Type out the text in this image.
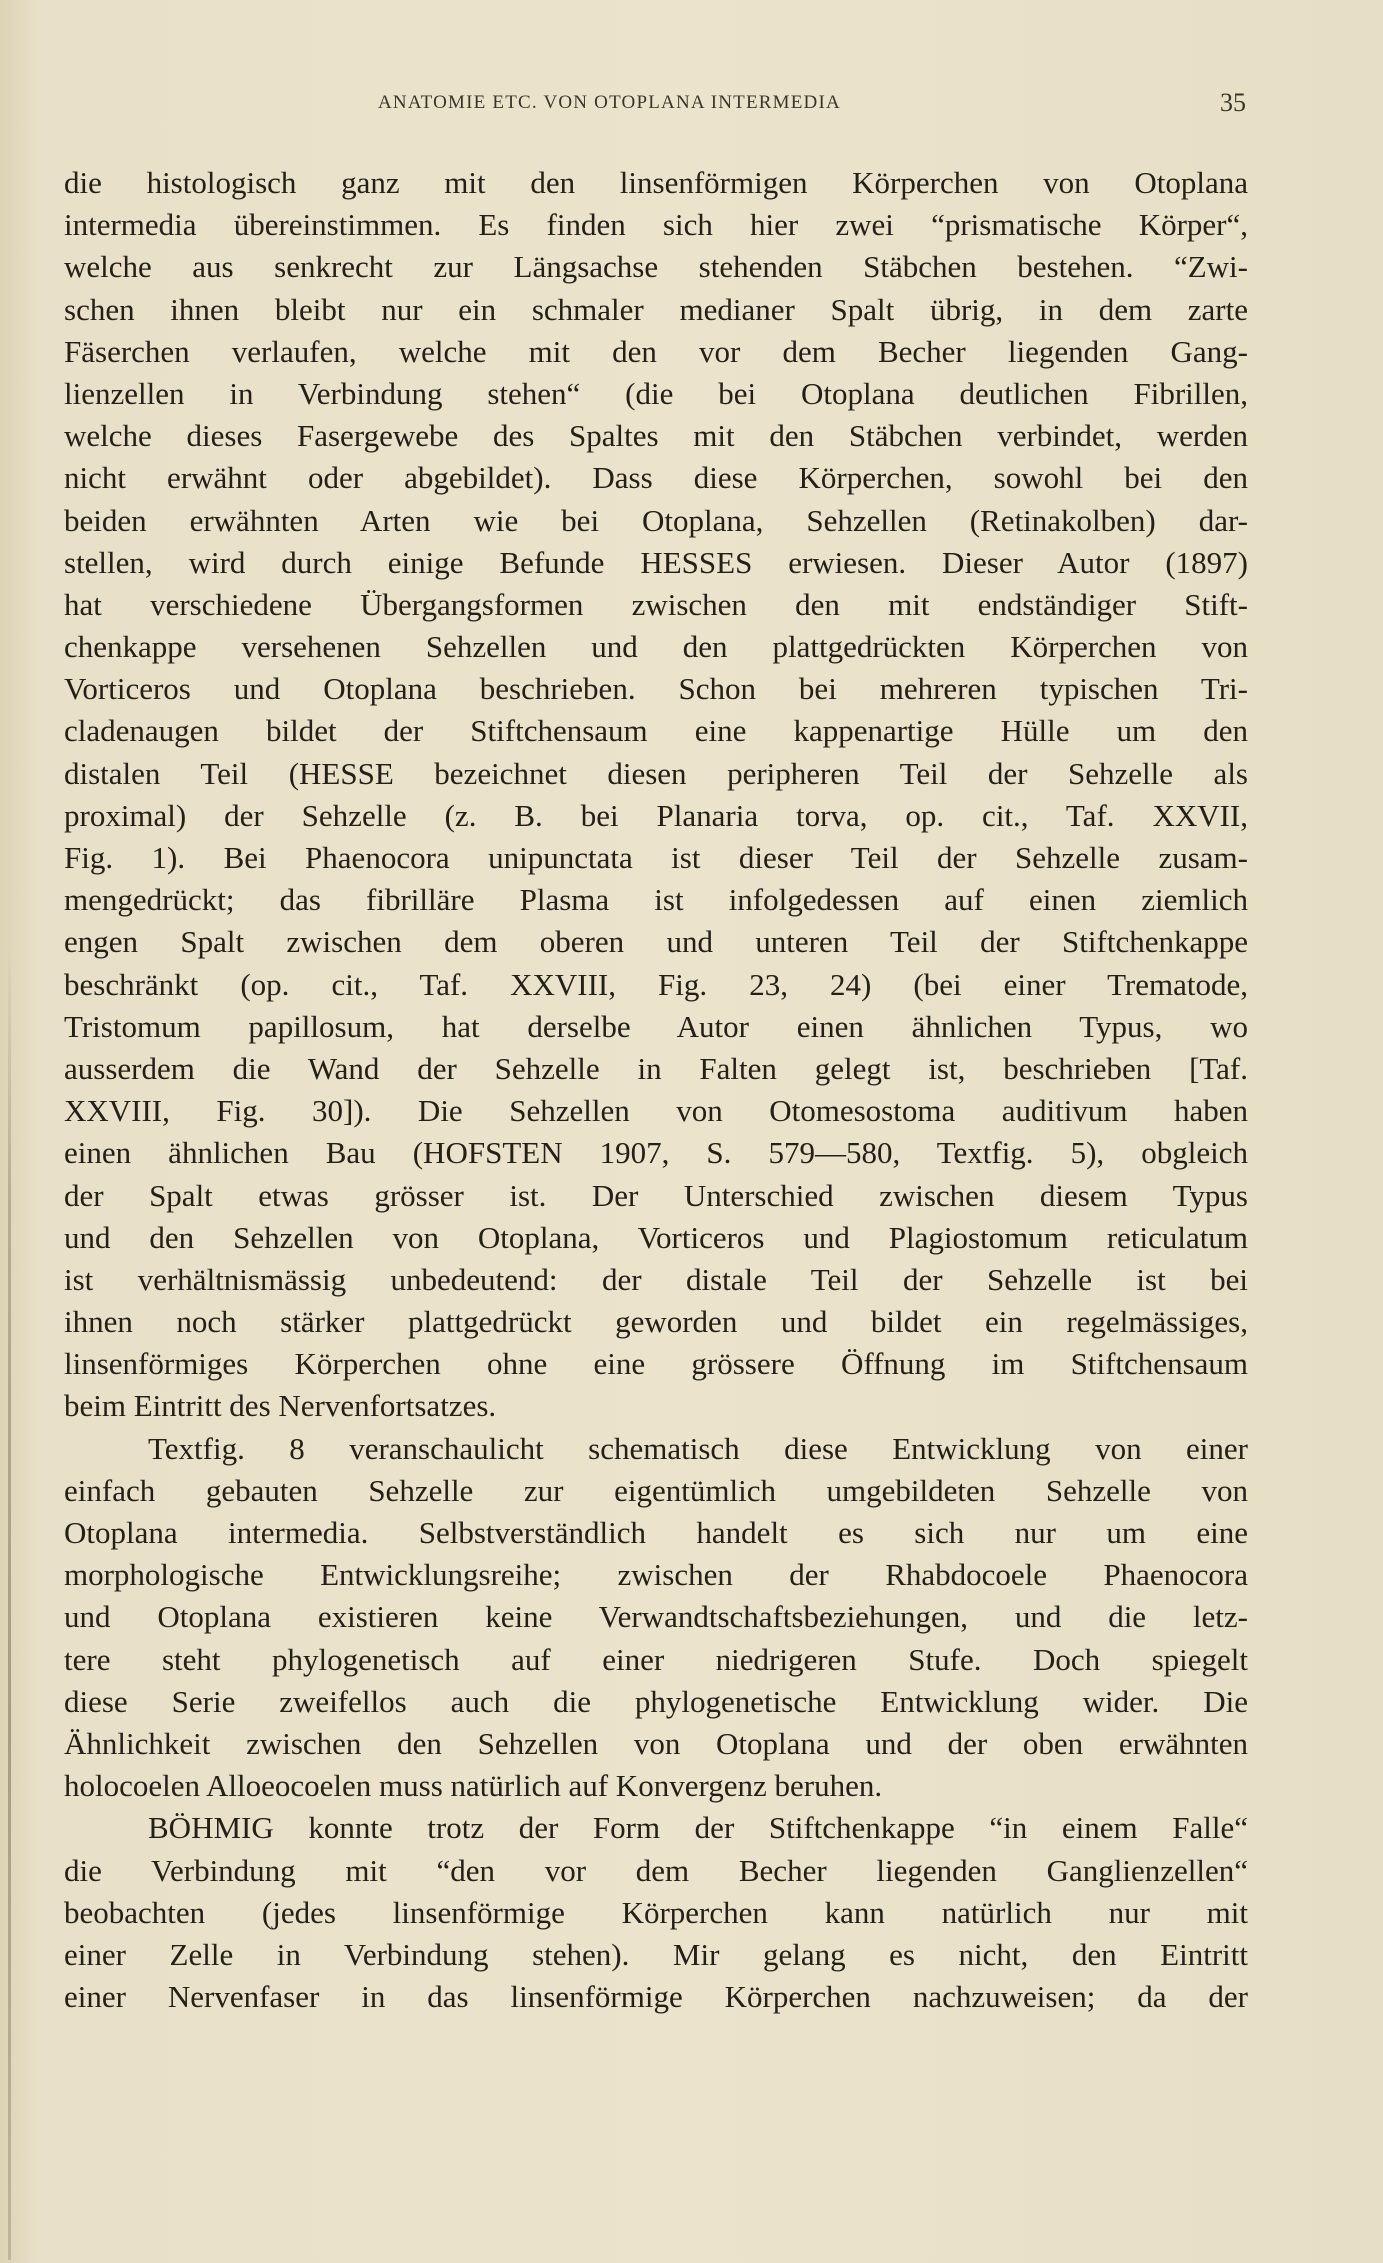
ANATOMIE ETC. VON OTOPLANA INTERMEDIA	35
die histologisch ganz mit den linsenförmigen Körperchen von Otoplana
intermedia übereinstimmen. Es finden sich hier zwei “prismatische Körper“,
welche aus senkrecht zur Längsachse stehenden Stäbchen bestehen. “Zwi-
schen ihnen bleibt nur ein schmaler medianer Spalt übrig, in dem zarte
Fäserchen verlaufen, welche mit den vor dem Becher liegenden Gang-
lienzellen in Verbindung stehen“ (die bei Otoplana deutlichen Fibrillen,
welche dieses Fasergewebe des Spaltes mit den Stäbchen verbindet, werden
nicht erwähnt oder abgebildet). Dass diese Körperchen, sowohl bei den
beiden erwähnten Arten wie bei Otoplana, Sehzellen (Retinakolben) dar-
stellen, wird durch einige Befunde HESSES erwiesen. Dieser Autor (1897)
hat verschiedene Übergangsformen zwischen den mit endständiger Stift-
chenkappe versehenen Sehzellen und den plattgedrückten Körperchen von
Vorticeros und Otoplana beschrieben. Schon bei mehreren typischen Tri-
cladenaugen bildet der Stiftchensaum eine kappenartige Hülle um den
distalen Teil (HESSE bezeichnet diesen peripheren Teil der Sehzelle als
proximal) der Sehzelle (z. B. bei Planaria torva, op. cit., Taf. XXVII,
Fig. 1). Bei Phaenocora unipunctata ist dieser Teil der Sehzelle zusam-
mengedrückt; das fibrilläre Plasma ist infolgedessen auf einen ziemlich
engen Spalt zwischen dem oberen und unteren Teil der Stiftchenkappe
beschränkt (op. cit., Taf. XXVIII, Fig. 23, 24) (bei einer Trematode,
Tristomum papillosum, hat derselbe Autor einen ähnlichen Typus, wo
ausserdem die Wand der Sehzelle in Falten gelegt ist, beschrieben [Taf.
XXVIII, Fig. 30]). Die Sehzellen von Otomesostoma auditivum haben
einen ähnlichen Bau (HOFSTEN 1907, S. 579—580, Textfig. 5), obgleich
der Spalt etwas grösser ist. Der Unterschied zwischen diesem Typus
und den Sehzellen von Otoplana, Vorticeros und Plagiostomum reticulatum
ist verhältnismässig unbedeutend: der distale Teil der Sehzelle ist bei
ihnen noch stärker plattgedrückt geworden und bildet ein regelmässiges,
linsenförmiges Körperchen ohne eine grössere Öffnung im Stiftchensaum
beim Eintritt des Nervenfortsatzes.
Textfig. 8 veranschaulicht schematisch diese Entwicklung von einer
einfach gebauten Sehzelle zur eigentümlich umgebildeten Sehzelle von
Otoplana intermedia. Selbstverständlich handelt es sich nur um eine
morphologische Entwicklungsreihe; zwischen der Rhabdocoele Phaenocora
und Otoplana existieren keine Verwandtschaftsbeziehungen, und die letz-
tere steht phylogenetisch auf einer niedrigeren Stufe. Doch spiegelt
diese Serie zweifellos auch die phylogenetische Entwicklung wider. Die
Ähnlichkeit zwischen den Sehzellen von Otoplana und der oben erwähnten
holocoelen Alloeocoelen muss natürlich auf Konvergenz beruhen.
BÖHMIG konnte trotz der Form der Stiftchenkappe “in einem Falle“
die Verbindung mit “den vor dem Becher liegenden Ganglienzellen“
beobachten (jedes linsenförmige Körperchen kann natürlich nur mit
einer Zelle in Verbindung stehen). Mir gelang es nicht, den Eintritt
einer Nervenfaser in das linsenförmige Körperchen nachzuweisen; da der
